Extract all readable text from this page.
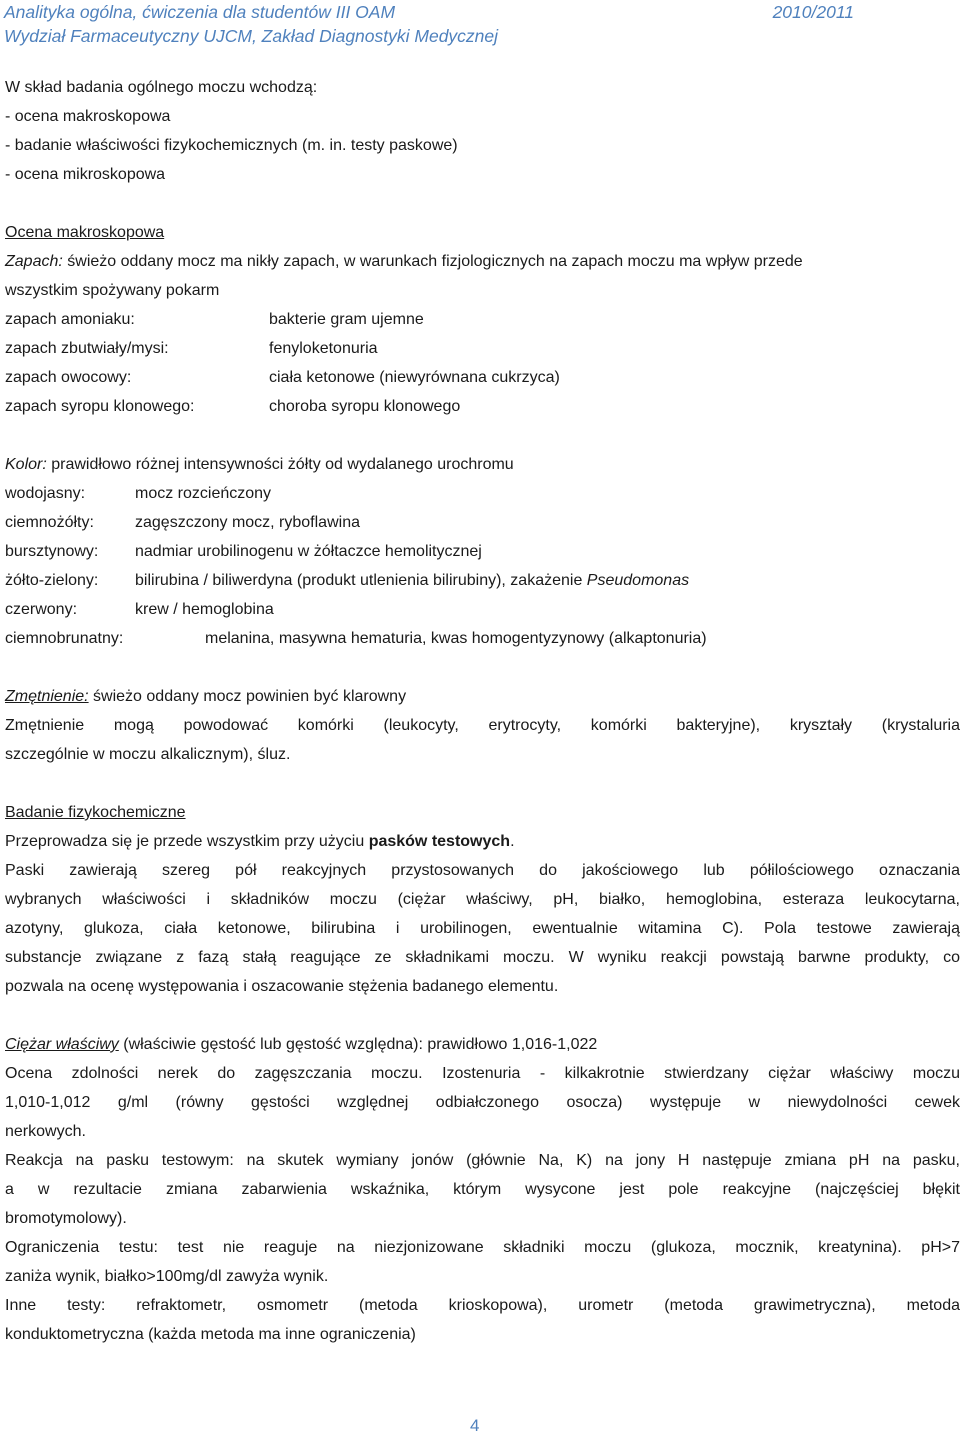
Analityka ogólna, ćwiczenia dla studentów III OAM	2010/2011
Wydział Farmaceutyczny UJCM, Zakład Diagnostyki Medycznej
W skład badania ogólnego moczu wchodzą:
- ocena makroskopowa
- badanie właściwości fizykochemicznych (m. in. testy paskowe)
- ocena mikroskopowa
Ocena makroskopowa
Zapach: świeżo oddany mocz ma nikły zapach, w warunkach fizjologicznych na zapach moczu ma wpływ przede
wszystkim spożywany pokarm
zapach amoniaku:	bakterie gram ujemne
zapach zbutwiały/mysi:	fenyloketonuria
zapach owocowy:	ciała ketonowe (niewyrównana cukrzyca)
zapach syropu klonowego:	choroba syropu klonowego
Kolor: prawidłowo różnej intensywności żółty od wydalanego urochromu
wodojasny:	mocz rozcieńczony
ciemnożółty:	zagęszczony mocz, ryboflawina
bursztynowy:	nadmiar urobilinogenu w żółtaczce hemolitycznej
żółto-zielony:	bilirubina / biliwerdyna (produkt utlenienia bilirubiny), zakażenie Pseudomonas
czerwony:	krew / hemoglobina
ciemnobrunatny:	melanina, masywna hematuria, kwas homogentyzynowy (alkaptonuria)
Zmętnienie: świeżo oddany mocz powinien być klarowny
Zmętnienie mogą powodować komórki (leukocyty, erytrocyty, komórki bakteryjne), kryształy (krystaluria
szczególnie w moczu alkalicznym), śluz.
Badanie fizykochemiczne
Przeprowadza się je przede wszystkim przy użyciu pasków testowych.
Paski zawierają szereg pół reakcyjnych przystosowanych do jakościowego lub półilościowego oznaczania
wybranych właściwości i składników moczu (ciężar właściwy, pH, białko, hemoglobina, esteraza leukocytarna,
azotyny, glukoza, ciała ketonowe, bilirubina i urobilinogen, ewentualnie witamina C). Pola testowe zawierają
substancje związane z fazą stałą reagujące ze składnikami moczu. W wyniku reakcji powstają barwne produkty, co
pozwala na ocenę występowania i oszacowanie stężenia badanego elementu.
Ciężar właściwy (właściwie gęstość lub gęstość względna): prawidłowo 1,016-1,022
Ocena zdolności nerek do zagęszczania moczu. Izostenuria - kilkakrotnie stwierdzany ciężar właściwy moczu
1,010-1,012 g/ml (równy gęstości względnej odbiałczonego osocza) występuje w niewydolności cewek
nerkowych.
Reakcja na pasku testowym: na skutek wymiany jonów (głównie Na, K) na jony H następuje zmiana pH na pasku,
a w rezultacie zmiana zabarwienia wskaźnika, którym wysycone jest pole reakcyjne (najczęściej błękit
bromotymolowy).
Ograniczenia testu: test nie reaguje na niezjonizowane składniki moczu (glukoza, mocznik, kreatynina). pH>7
zaniża wynik, białko>100mg/dl zawyża wynik.
Inne testy: refraktometr, osmometr (metoda krioskopowa), urometr (metoda grawimetryczna), metoda
konduktometryczna (każda metoda ma inne ograniczenia)
4
